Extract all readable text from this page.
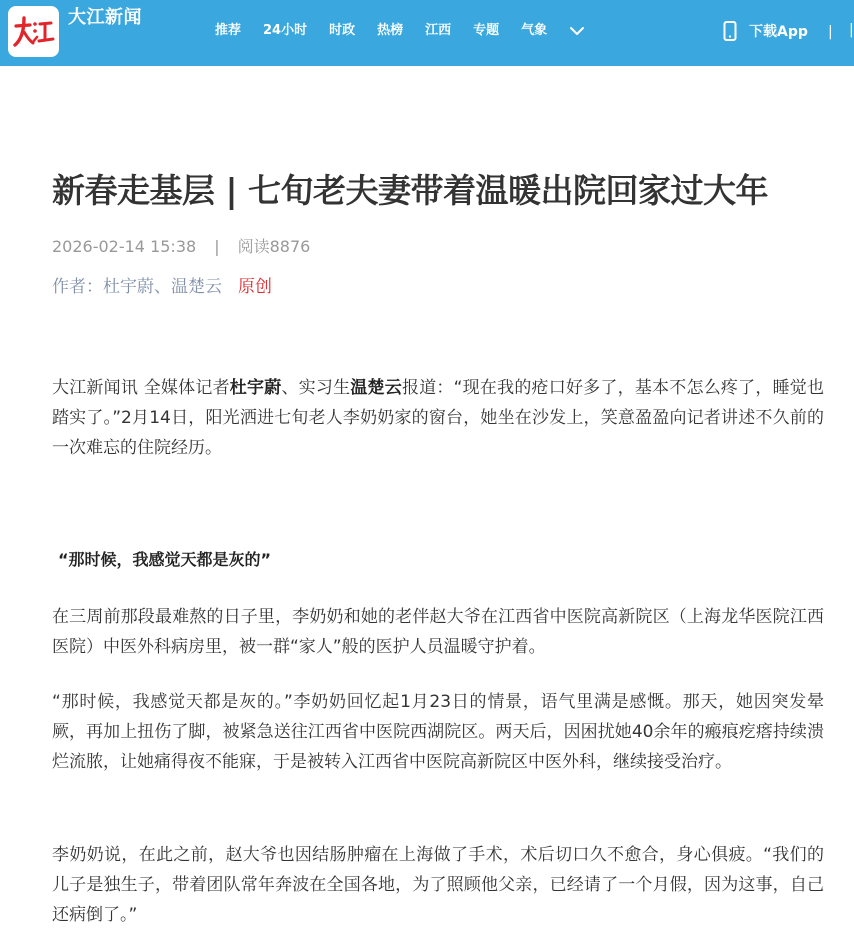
大江新闻
推荐 24小时 时政 热榜 江西 专题 气象	下载App | |
新春走基层 | 七旬老夫妻带着温暖出院回家过大年
2026-02-14 15:38 | 阅读8876
作者：杜宇蔚、温楚云 原创

大江新闻讯 全媒体记者杜宇蔚、实习生温楚云报道：“现在我的疮口好多了，基本不怎么疼了，睡觉也踏实了。”2月14日，阳光洒进七旬老人李奶奶家的窗台，她坐在沙发上，笑意盈盈向记者讲述不久前的一次难忘的住院经历。

“那时候，我感觉天都是灰的”

在三周前那段最难熬的日子里，李奶奶和她的老伴赵大爷在江西省中医院高新院区（上海龙华医院江西医院）中医外科病房里，被一群“家人”般的医护人员温暖守护着。

“那时候，我感觉天都是灰的。”李奶奶回忆起1月23日的情景，语气里满是感慨。那天，她因突发晕厥，再加上扭伤了脚，被紧急送往江西省中医院西湖院区。两天后，因困扰她40余年的瘢痕疙瘩持续溃烂流脓，让她痛得夜不能寐，于是被转入江西省中医院高新院区中医外科，继续接受治疗。

李奶奶说，在此之前，赵大爷也因结肠肿瘤在上海做了手术，术后切口久不愈合，身心俱疲。“我们的儿子是独生子，带着团队常年奔波在全国各地，为了照顾他父亲，已经请了一个月假，因为这事，自己还病倒了。”
